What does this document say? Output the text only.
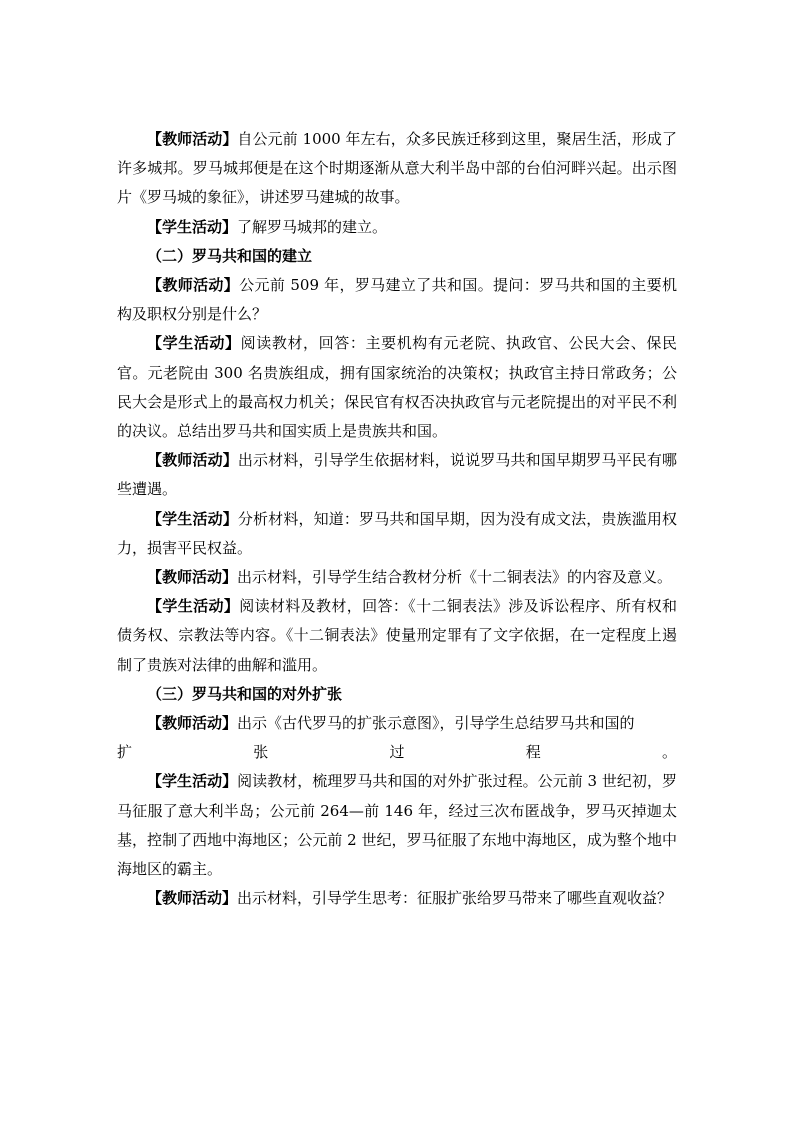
【教师活动】自公元前 1000 年左右，众多民族迁移到这里，聚居生活，形成了许多城邦。罗马城邦便是在这个时期逐渐从意大利半岛中部的台伯河畔兴起。出示图片《罗马城的象征》，讲述罗马建城的故事。

【学生活动】了解罗马城邦的建立。

（二）罗马共和国的建立

【教师活动】公元前 509 年，罗马建立了共和国。提问：罗马共和国的主要机构及职权分别是什么？

【学生活动】阅读教材，回答：主要机构有元老院、执政官、公民大会、保民官。元老院由 300 名贵族组成，拥有国家统治的决策权；执政官主持日常政务；公民大会是形式上的最高权力机关；保民官有权否决执政官与元老院提出的对平民不利的决议。总结出罗马共和国实质上是贵族共和国。

【教师活动】出示材料，引导学生依据材料，说说罗马共和国早期罗马平民有哪些遭遇。

【学生活动】分析材料，知道：罗马共和国早期，因为没有成文法，贵族滥用权力，损害平民权益。

【教师活动】出示材料，引导学生结合教材分析《十二铜表法》的内容及意义。

【学生活动】阅读材料及教材，回答：《十二铜表法》涉及诉讼程序、所有权和债务权、宗教法等内容。《十二铜表法》使量刑定罪有了文字依据，在一定程度上遏制了贵族对法律的曲解和滥用。

（三）罗马共和国的对外扩张

【教师活动】出示《古代罗马的扩张示意图》，引导学生总结罗马共和国的

扩	张	过	程	。

【学生活动】阅读教材，梳理罗马共和国的对外扩张过程。公元前 3 世纪初，罗马征服了意大利半岛；公元前 264—前 146 年，经过三次布匿战争，罗马灭掉迦太基，控制了西地中海地区；公元前 2 世纪，罗马征服了东地中海地区，成为整个地中海地区的霸主。

【教师活动】出示材料，引导学生思考：征服扩张给罗马带来了哪些直观收益？
